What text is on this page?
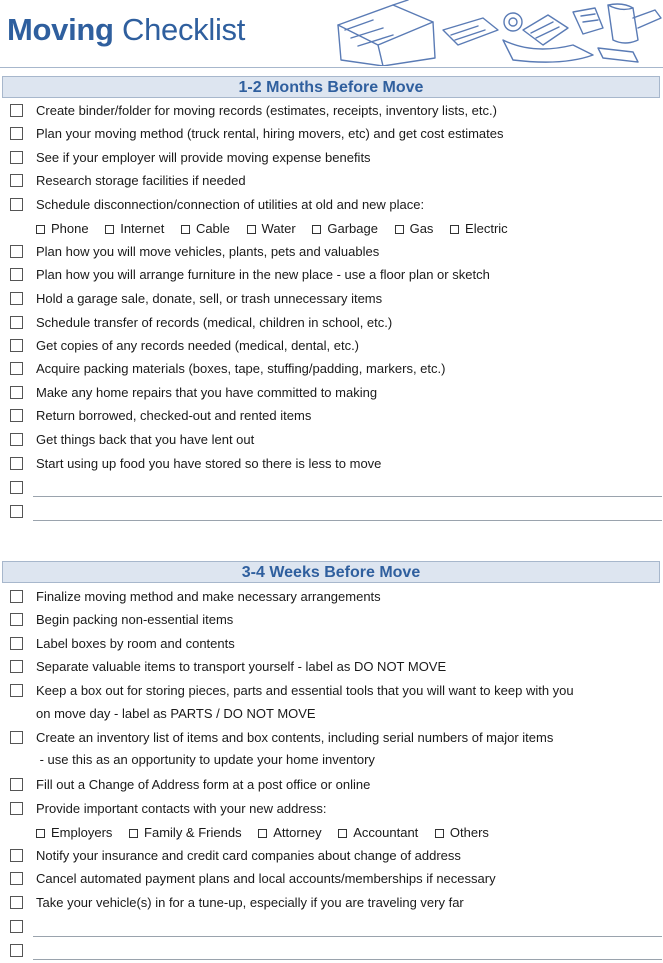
Moving Checklist
1-2 Months Before Move
Create binder/folder for moving records (estimates, receipts, inventory lists, etc.)
Plan your moving method (truck rental, hiring movers, etc) and get cost estimates
See if your employer will provide moving expense benefits
Research storage facilities if needed
Schedule disconnection/connection of utilities at old and new place:
Phone Internet Cable Water Garbage Gas Electric
Plan how you will move vehicles, plants, pets and valuables
Plan how you will arrange furniture in the new place - use a floor plan or sketch
Hold a garage sale, donate, sell, or trash unnecessary items
Schedule transfer of records (medical, children in school, etc.)
Get copies of any records needed (medical, dental, etc.)
Acquire packing materials (boxes, tape, stuffing/padding, markers, etc.)
Make any home repairs that you have committed to making
Return borrowed, checked-out and rented items
Get things back that you have lent out
Start using up food you have stored so there is less to move
3-4 Weeks Before Move
Finalize moving method and make necessary arrangements
Begin packing non-essential items
Label boxes by room and contents
Separate valuable items to transport yourself - label as DO NOT MOVE
Keep a box out for storing pieces, parts and essential tools that you will want to keep with you
on move day - label as PARTS / DO NOT MOVE
Create an inventory list of items and box contents, including serial numbers of major items
- use this as an opportunity to update your home inventory
Fill out a Change of Address form at a post office or online
Provide important contacts with your new address:
Employers Family & Friends Attorney Accountant Others
Notify your insurance and credit card companies about change of address
Cancel automated payment plans and local accounts/memberships if necessary
Take your vehicle(s) in for a tune-up, especially if you are traveling very far
